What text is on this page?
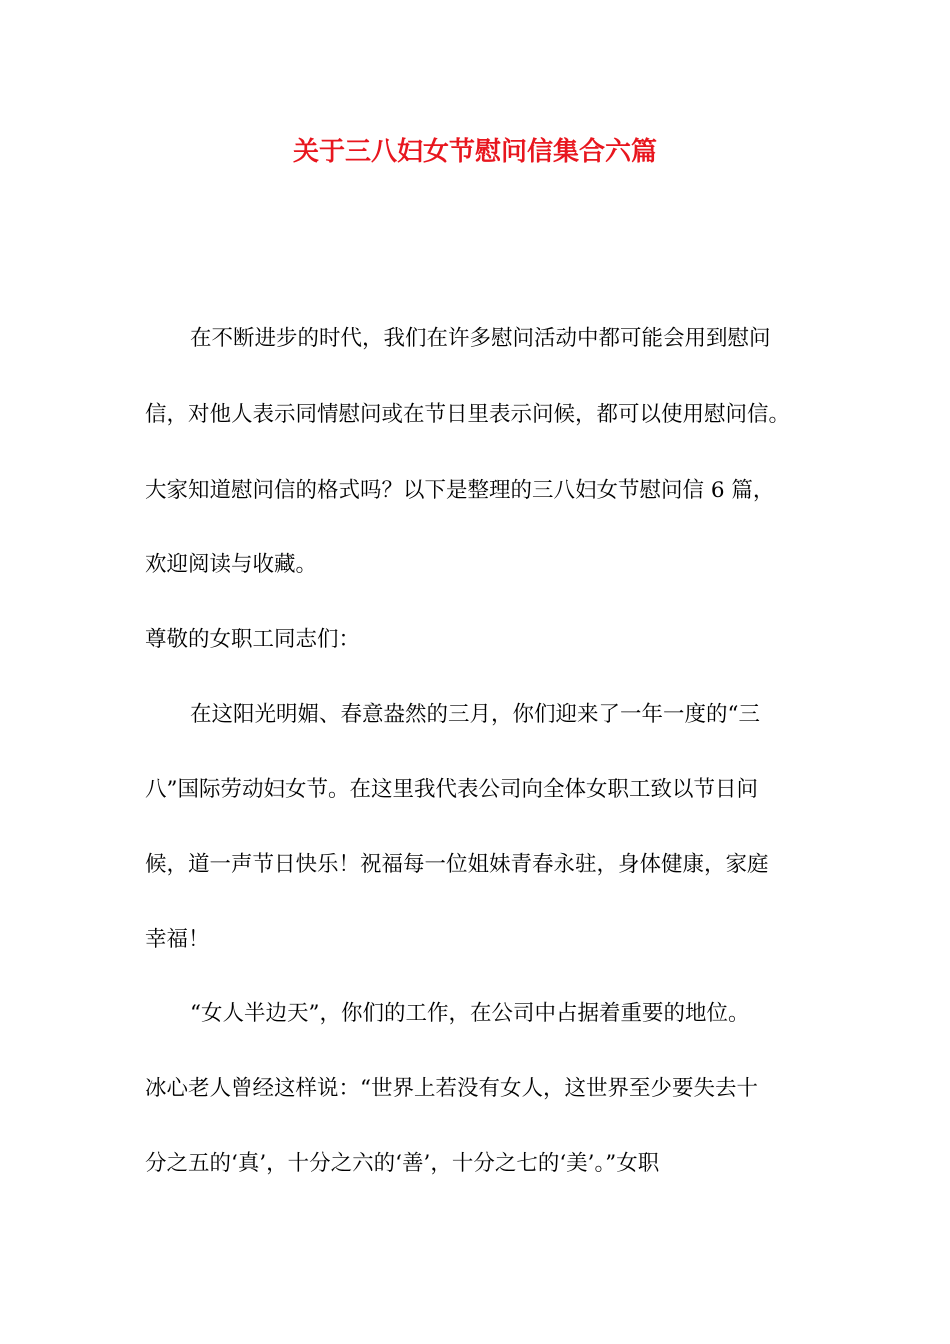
关于三八妇女节慰问信集合六篇
在不断进步的时代，我们在许多慰问活动中都可能会用到慰问
信，对他人表示同情慰问或在节日里表示问候，都可以使用慰问信。
大家知道慰问信的格式吗？以下是整理的三八妇女节慰问信 6 篇，
欢迎阅读与收藏。
尊敬的女职工同志们：
在这阳光明媚、春意盎然的三月，你们迎来了一年一度的“三
八”国际劳动妇女节。在这里我代表公司向全体女职工致以节日问
候，道一声节日快乐！祝福每一位姐妹青春永驻，身体健康，家庭
幸福！
“女人半边天”，你们的工作，在公司中占据着重要的地位。
冰心老人曾经这样说：“世界上若没有女人，这世界至少要失去十
分之五的‘真’，十分之六的‘善’，十分之七的‘美’。”女职
